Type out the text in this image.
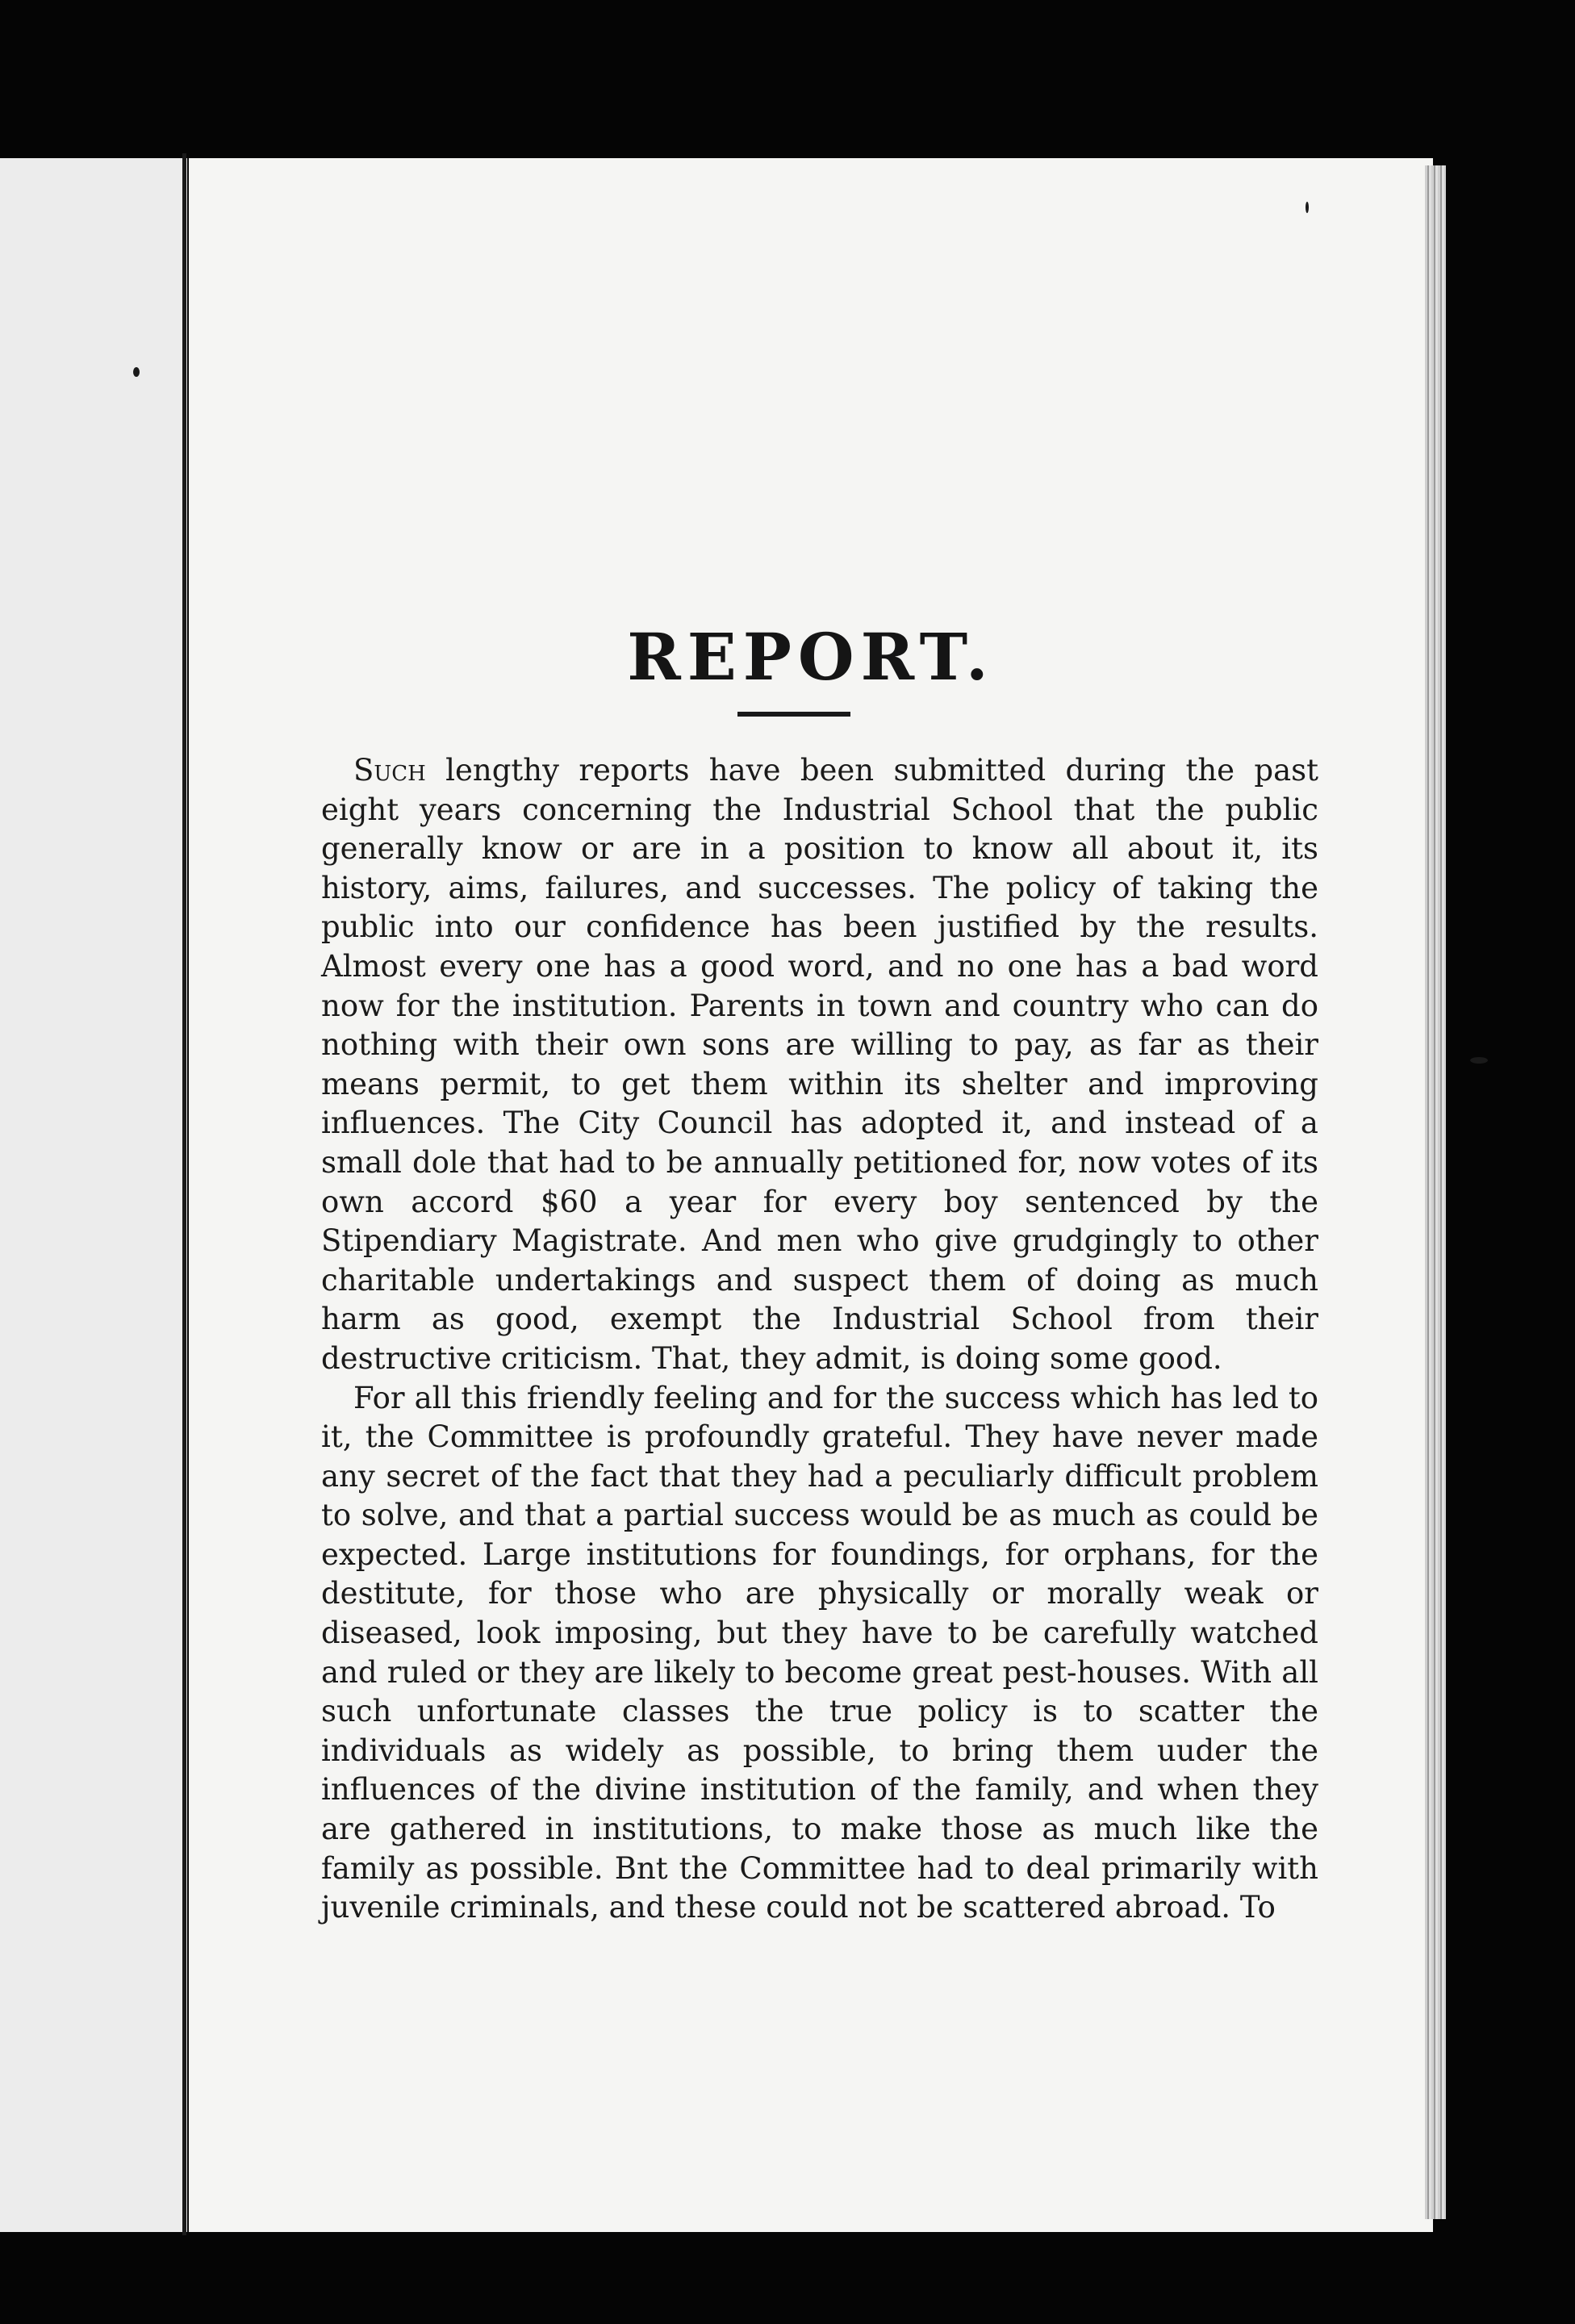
REPORT.

Such lengthy reports have been submitted during the past eight years concerning the Industrial School that the public generally know or are in a position to know all about it, its history, aims, failures, and successes. The policy of taking the public into our confidence has been justified by the results. Almost every one has a good word, and no one has a bad word now for the institution. Parents in town and country who can do nothing with their own sons are willing to pay, as far as their means permit, to get them within its shelter and improving influences. The City Council has adopted it, and instead of a small dole that had to be annually petitioned for, now votes of its own accord $60 a year for every boy sentenced by the Stipendiary Magistrate. And men who give grudgingly to other charitable undertakings and suspect them of doing as much harm as good, exempt the Industrial School from their destructive criticism. That, they admit, is doing some good.

For all this friendly feeling and for the success which has led to it, the Committee is profoundly grateful. They have never made any secret of the fact that they had a peculiarly difficult problem to solve, and that a partial success would be as much as could be expected. Large institutions for foundings, for orphans, for the destitute, for those who are physically or morally weak or diseased, look imposing, but they have to be carefully watched and ruled or they are likely to become great pest-houses. With all such unfortunate classes the true policy is to scatter the individuals as widely as possible, to bring them uuder the influences of the divine institution of the family, and when they are gathered in institutions, to make those as much like the family as possible. Bnt the Committee had to deal primarily with juvenile criminals, and these could not be scattered abroad. To
